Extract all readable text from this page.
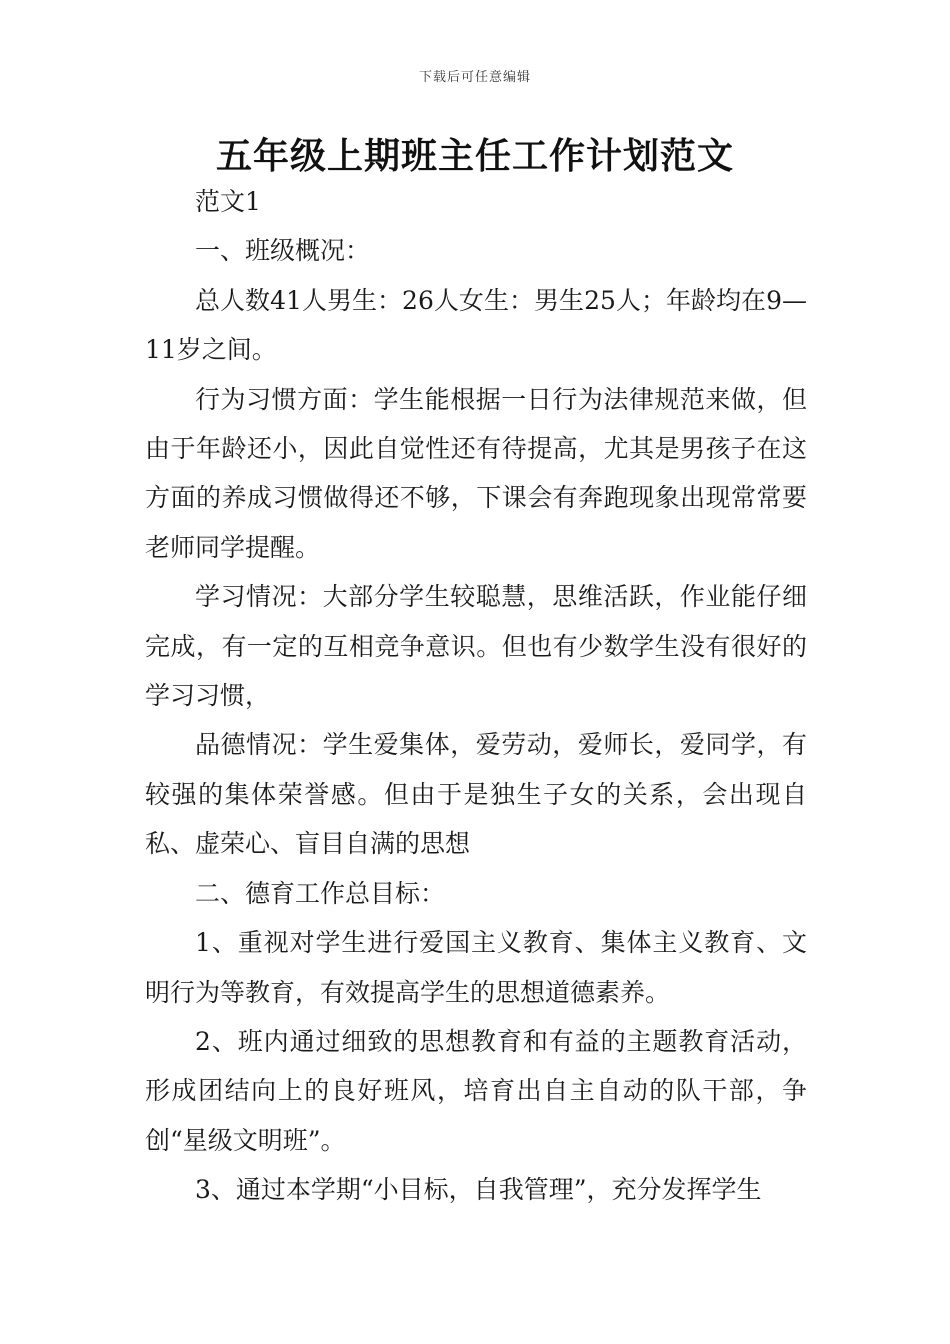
下载后可任意编辑
五年级上期班主任工作计划范文

范文1

一、班级概况：

总人数41人男生：26人女生：男生25人；年龄均在9—11岁之间。

行为习惯方面：学生能根据一日行为法律规范来做，但由于年龄还小，因此自觉性还有待提高，尤其是男孩子在这方面的养成习惯做得还不够，下课会有奔跑现象出现常常要老师同学提醒。

学习情况：大部分学生较聪慧，思维活跃，作业能仔细完成，有一定的互相竞争意识。但也有少数学生没有很好的学习习惯，

品德情况：学生爱集体，爱劳动，爱师长，爱同学，有较强的集体荣誉感。但由于是独生子女的关系，会出现自私、虚荣心、盲目自满的思想

二、德育工作总目标：

1、重视对学生进行爱国主义教育、集体主义教育、文明行为等教育，有效提高学生的思想道德素养。

2、班内通过细致的思想教育和有益的主题教育活动，形成团结向上的良好班风，培育出自主自动的队干部，争创“星级文明班”。

3、通过本学期“小目标，自我管理”，充分发挥学生
